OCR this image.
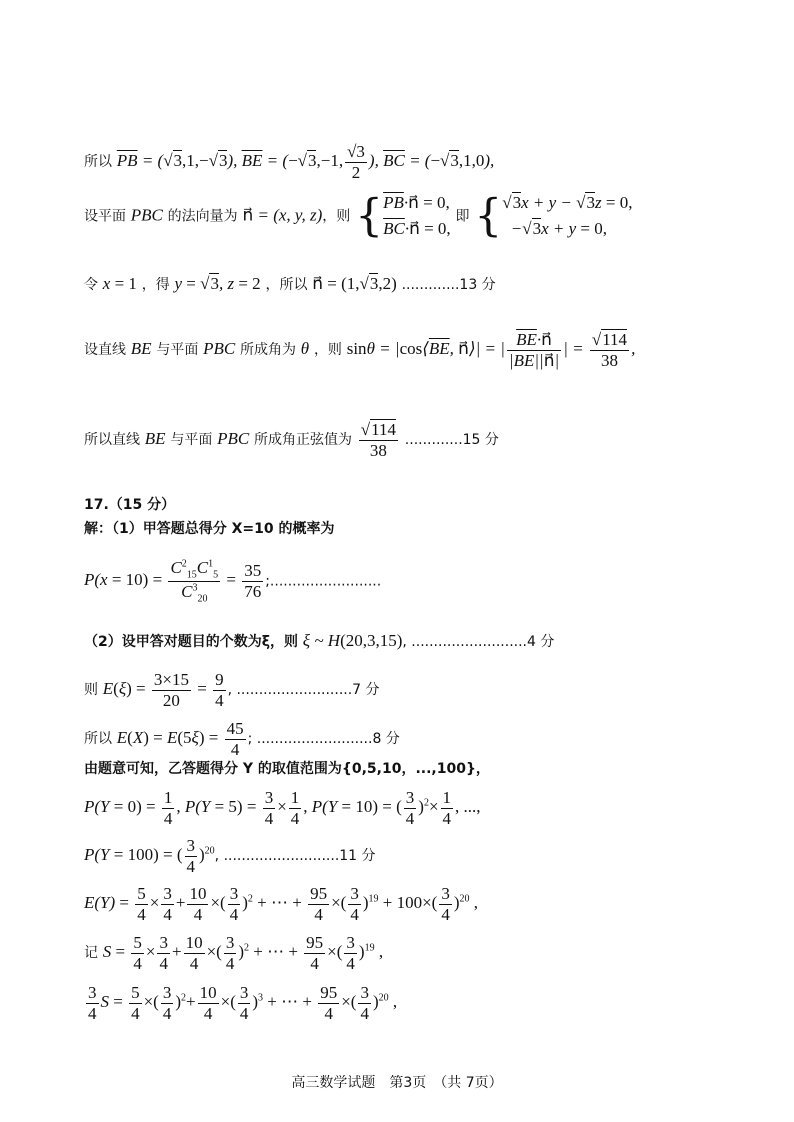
所以 $\overline{PB} = (√3,1,-√3)$, $\overline{BE} = (-√3,-1$, $\frac{√3}{2}$ ), $\overline{BC} = (-√3,1,0)$,
设平面 PBC 的法向量为 n⃗ = (x, y, z)，则 {$\overline{PB}\cdot n⃗ = 0$,
$\overline{BC}\cdot n⃗ = 0$, 即 {√3x + y − √3z = 0,
−√3x + y = 0,
令 x = 1 ，得 y = √3, z = 2 ，所以 n⃗ = (1,√3,2) .............13 分
设直线 BE 与平面 PBC 所成角为 θ ，则 $\sin\theta = |\cos⟨\overline{BE}$, n⃗⟩| = | $\frac{\overline{BE}\cdot n⃗}{|\overline{BE}||n⃗|}$ | = $\frac{√114}{38}$ ,
所以直线 BE 与平面 PBC 所成角正弦值为 $\frac{√114}{38} .............15$ 分
17.（15 分）
解：（1）甲答题总得分 X=10 的概率为
$P(x = 10) = \frac{C^2_{15}C^1_5}{C^3_{20}} = \frac{35}{76}$ ;.........................
（2）设甲答对题目的个数为ξ，则 ξ ~ H(20,3,15), ..........................4 分
则 $E(\xi) = \frac{3\times 15}{20} = \frac{9}{4}$ , ..........................7 分
所以 $E(X) = E(5\xi) = \frac{45}{4}$ ; ..........................8 分
由题意可知，乙答题得分 Y 的取值范围为{0,5,10，...,100}，
$P(Y = 0) = \frac{1}{4}$ , $P(Y = 5) = \frac{3}{4} \times \frac{1}{4}$ , P(Y = 10) = ( $\frac{3}{4} )^2\times \frac{1}{4}$ , ...,
P(Y = 100) = ( $\frac{3}{4} )^{20}$, ..........................11 分
$E(Y) = \frac{5}{4} \times \frac{3}{4} + \frac{10}{4}$ ×( $\frac{3}{4} )^2$ + ⋯ + $\frac{95}{4}$ ×( $\frac{3}{4} )^{19} + 100\times( \frac{3}{4} )^{20}$ ,
记 $S = \frac{5}{4} \times \frac{3}{4} + \frac{10}{4}$ ×( $\frac{3}{4} )^2$ + ⋯ + $\frac{95}{4}$ ×( $\frac{3}{4} )^{19}$ ,
$\frac{3}{4}$ $S = \frac{5}{4}$ ×( $\frac{3}{4} )^2+ \frac{10}{4}$ ×( $\frac{3}{4} )^3$ + ⋯ + $\frac{95}{4}$ ×( $\frac{3}{4} )^{20}$ ,
高三数学试题　第3页　（共 7页）
